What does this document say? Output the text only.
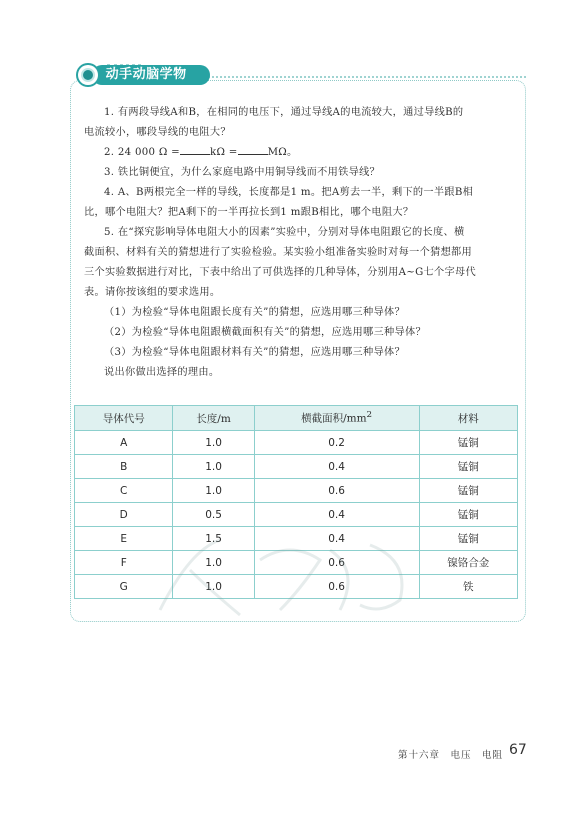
动手动脑学物理

1. 有两段导线A和B，在相同的电压下，通过导线A的电流较大，通过导线B的

电流较小，哪段导线的电阻大？

2. 24 000 Ω =	kΩ =	MΩ。

3. 铁比铜便宜，为什么家庭电路中用铜导线而不用铁导线？

4. A、B两根完全一样的导线，长度都是1 m。把A剪去一半，剩下的一半跟B相

比，哪个电阻大？把A剩下的一半再拉长到1 m跟B相比，哪个电阻大？

5. 在“探究影响导体电阻大小的因素”实验中，分别对导体电阻跟它的长度、横

截面积、材料有关的猜想进行了实验检验。某实验小组准备实验时对每一个猜想都用

三个实验数据进行对比，下表中给出了可供选择的几种导体，分别用A~G七个字母代

表。请你按该组的要求选用。

（1）为检验“导体电阻跟长度有关”的猜想，应选用哪三种导体？

（2）为检验“导体电阻跟横截面积有关”的猜想，应选用哪三种导体？

（3）为检验“导体电阻跟材料有关”的猜想，应选用哪三种导体？

说出你做出选择的理由。

导体代号	长度/m	横截面积$/mm^2$	材料
A	1.0	0.2	锰铜
B	1.0	0.4	锰铜
C	1.0	0.6	锰铜
D	0.5	0.4	锰铜
E	1.5	0.4	锰铜
F	1.0	0.6	镍铬合金
G	1.0	0.6	铁
第十六章　电压　电阻 67
